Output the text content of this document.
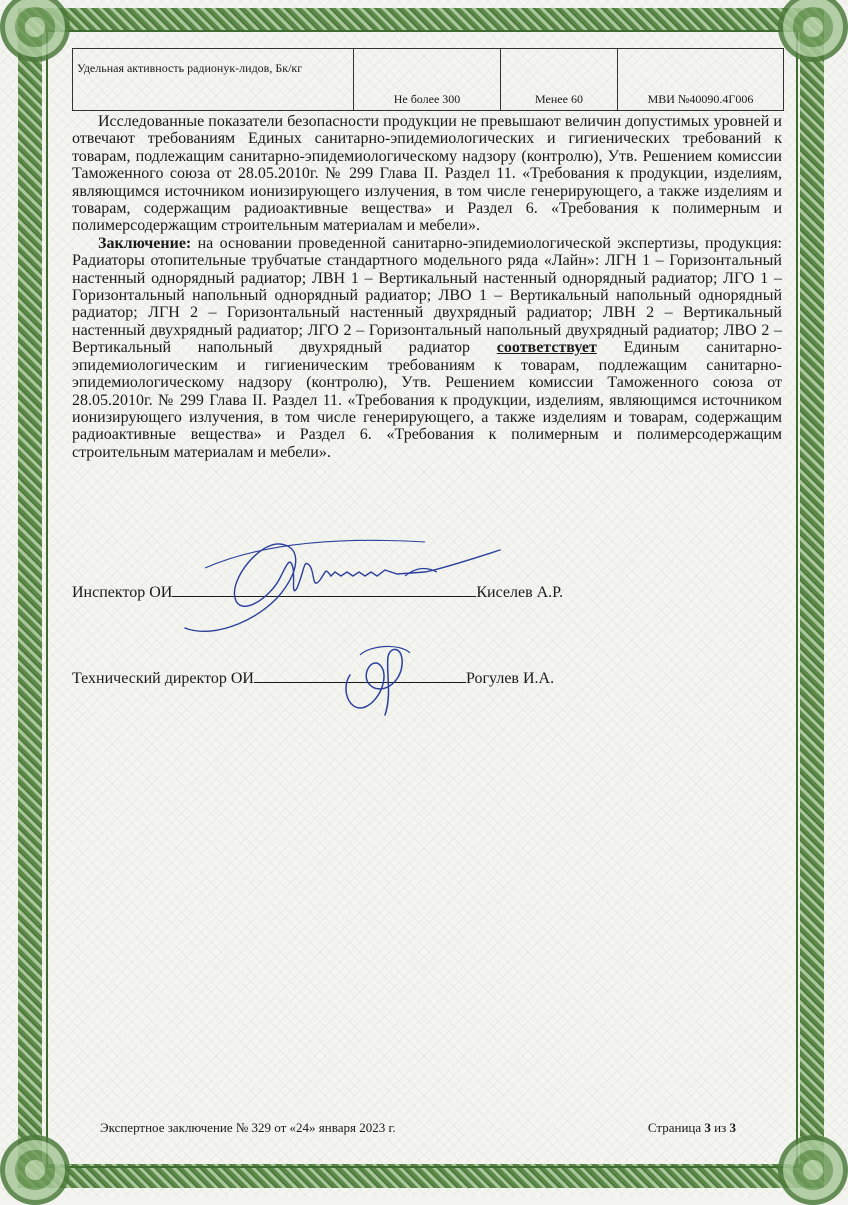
Удельная активность радионук-лидов, Бк/кг	Не более 300	Менее 60	МВИ №40090.4Г006

Исследованные показатели безопасности продукции не превышают величин допустимых уровней и отвечают требованиям Единых санитарно-эпидемиологических и гигиенических требований к товарам, подлежащим санитарно-эпидемиологическому надзору (контролю), Утв. Решением комиссии Таможенного союза от 28.05.2010г. № 299 Глава II. Раздел 11. «Требования к продукции, изделиям, являющимся источником ионизирующего излучения, в том числе генерирующего, а также изделиям и товарам, содержащим радиоактивные вещества» и Раздел 6. «Требования к полимерным и полимерсодержащим строительным материалам и мебели».

Заключение: на основании проведенной санитарно-эпидемиологической экспертизы, продукция: Радиаторы отопительные трубчатые стандартного модельного ряда «Лайн»: ЛГН 1 – Горизонтальный настенный однорядный радиатор; ЛВН 1 – Вертикальный настенный однорядный радиатор; ЛГО 1 – Горизонтальный напольный однорядный радиатор; ЛВО 1 – Вертикальный напольный однорядный радиатор; ЛГН 2 – Горизонтальный настенный двухрядный радиатор; ЛВН 2 – Вертикальный настенный двухрядный радиатор; ЛГО 2 – Горизонтальный напольный двухрядный радиатор; ЛВО 2 – Вертикальный напольный двухрядный радиатор соответствует Единым санитарно-эпидемиологическим и гигиеническим требованиям к товарам, подлежащим санитарно-эпидемиологическому надзору (контролю), Утв. Решением комиссии Таможенного союза от 28.05.2010г. № 299 Глава II. Раздел 11. «Требования к продукции, изделиям, являющимся источником ионизирующего излучения, в том числе генерирующего, а также изделиям и товарам, содержащим радиоактивные вещества» и Раздел 6. «Требования к полимерным и полимерсодержащим строительным материалам и мебели».

Инспектор ОИ	Киселев А.Р.
Технический директор ОИ	Рогулев И.А.
Экспертное заключение № 329 от «24» января 2023 г.	Страница 3 из 3
